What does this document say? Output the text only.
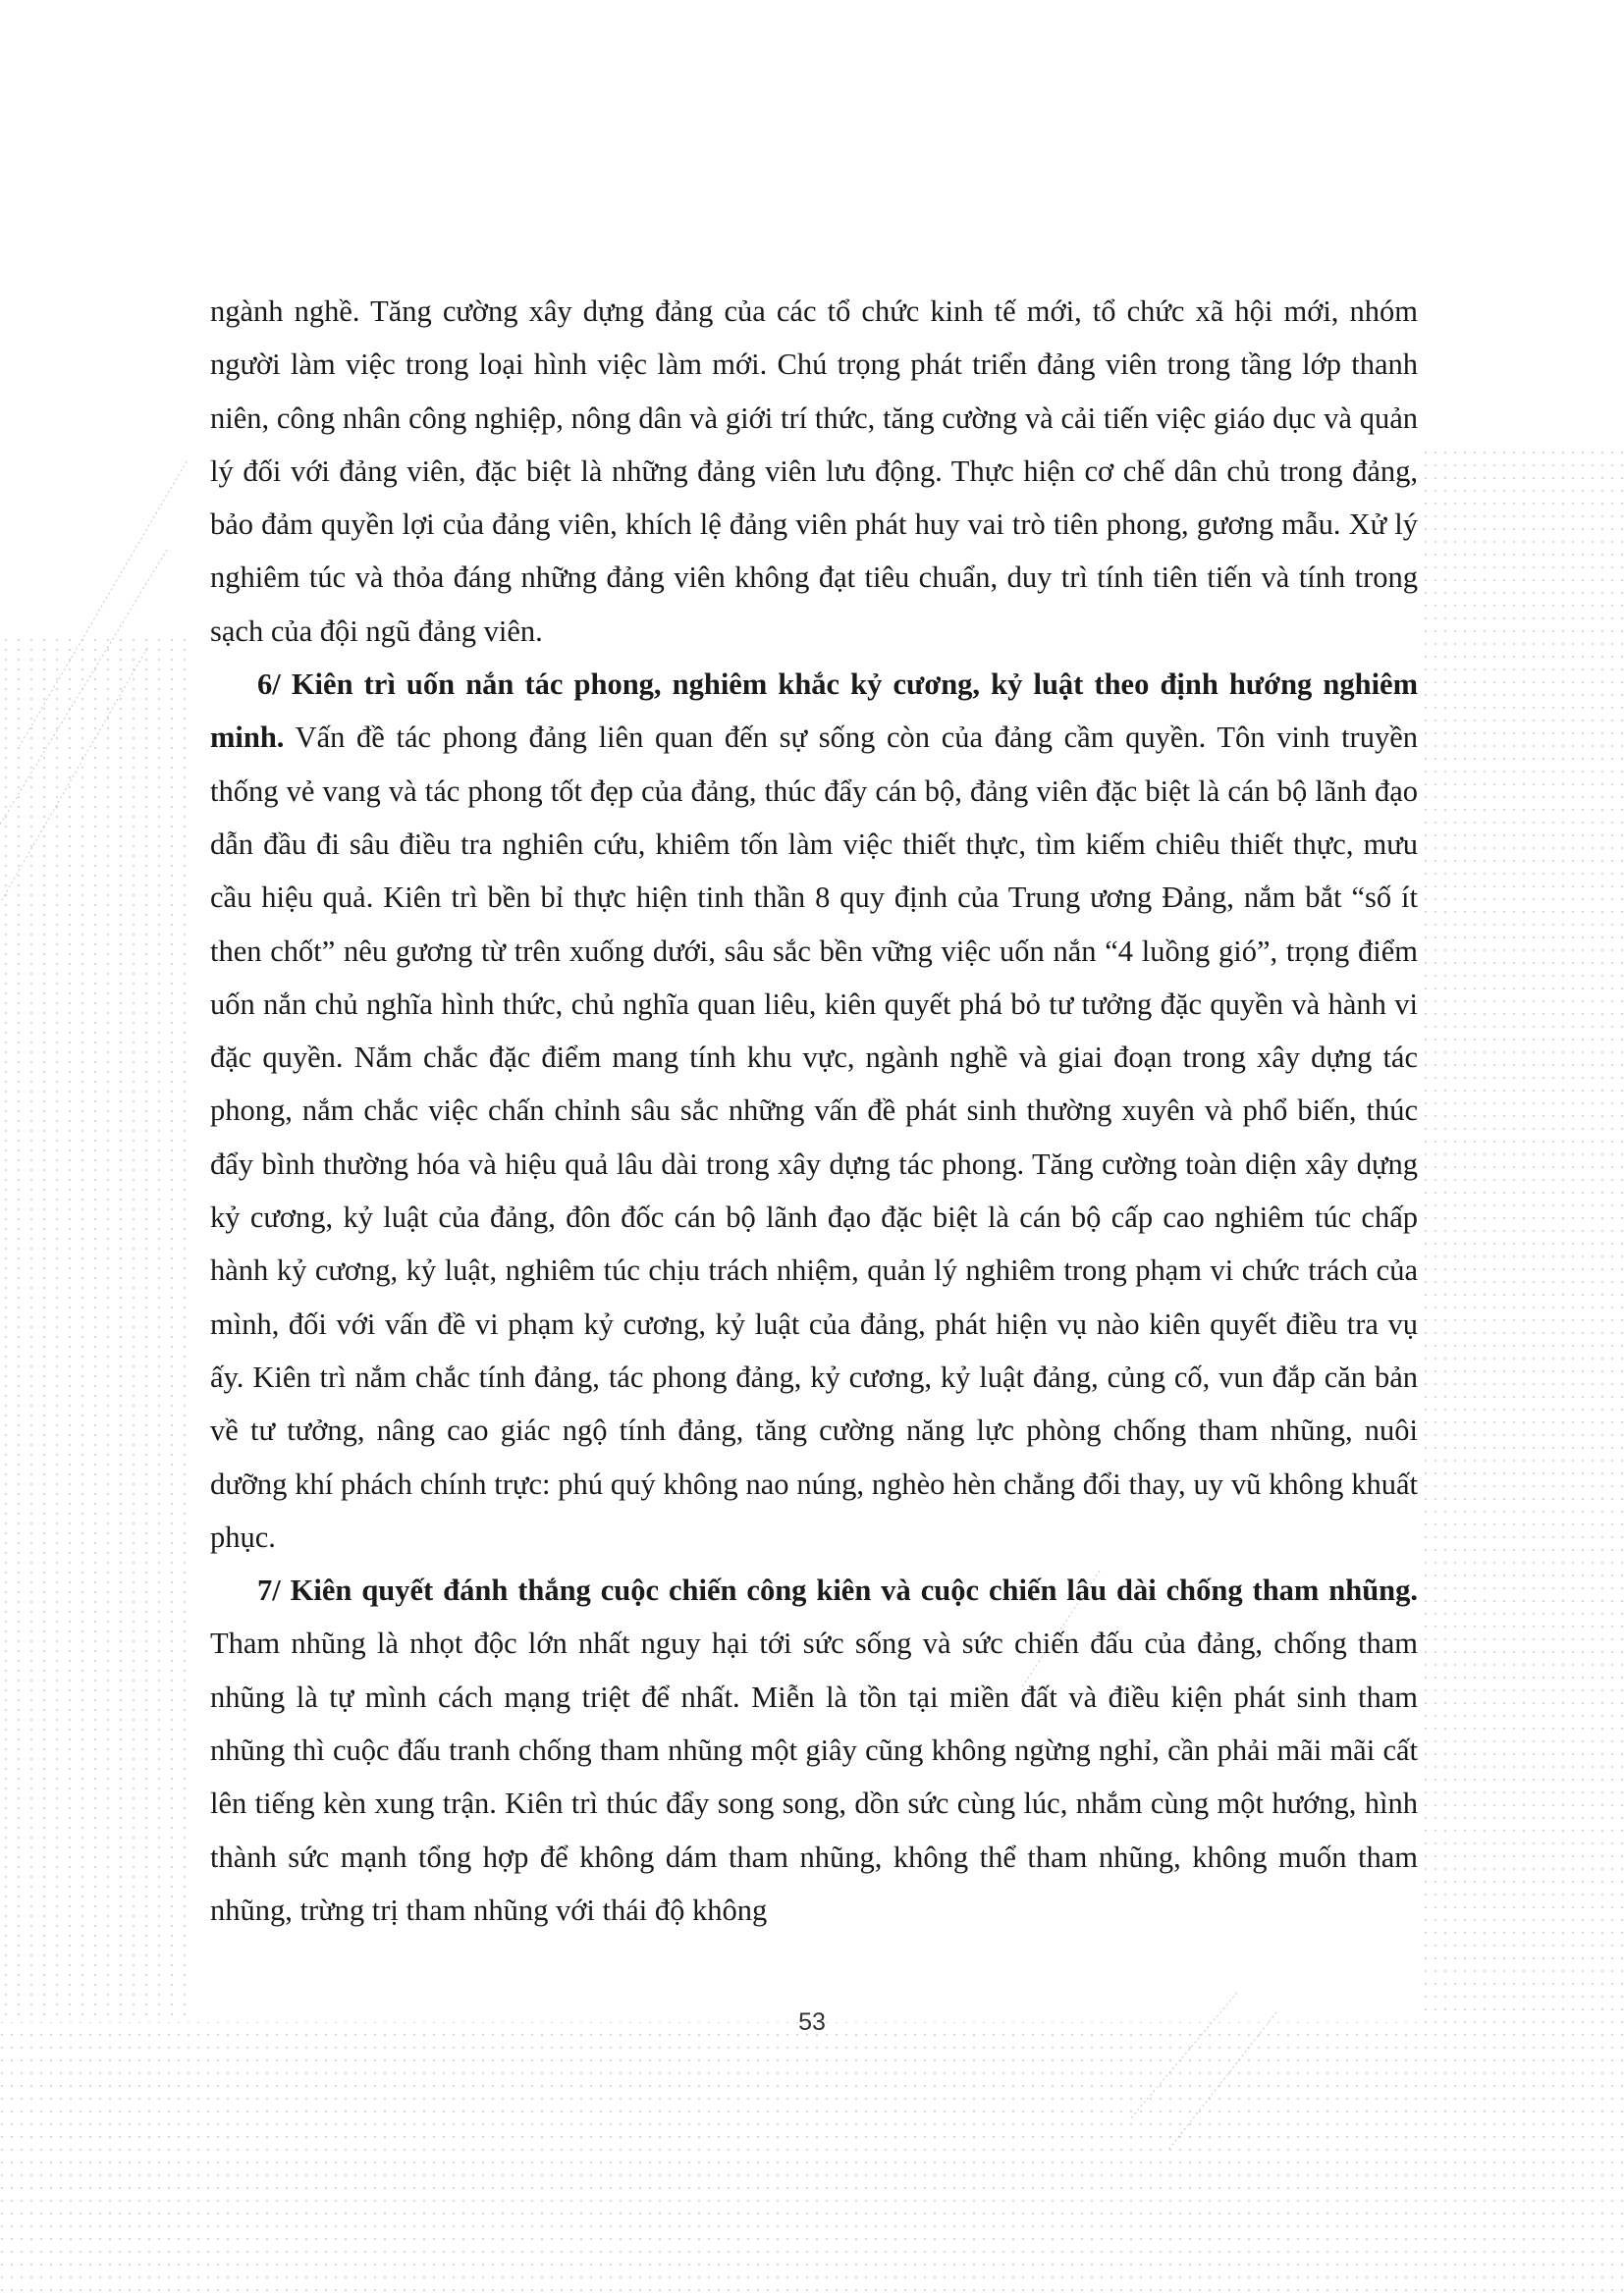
ngành nghề. Tăng cường xây dựng đảng của các tổ chức kinh tế mới, tổ chức xã hội mới, nhóm người làm việc trong loại hình việc làm mới. Chú trọng phát triển đảng viên trong tầng lớp thanh niên, công nhân công nghiệp, nông dân và giới trí thức, tăng cường và cải tiến việc giáo dục và quản lý đối với đảng viên, đặc biệt là những đảng viên lưu động. Thực hiện cơ chế dân chủ trong đảng, bảo đảm quyền lợi của đảng viên, khích lệ đảng viên phát huy vai trò tiên phong, gương mẫu. Xử lý nghiêm túc và thỏa đáng những đảng viên không đạt tiêu chuẩn, duy trì tính tiên tiến và tính trong sạch của đội ngũ đảng viên.

6/ Kiên trì uốn nắn tác phong, nghiêm khắc kỷ cương, kỷ luật theo định hướng nghiêm minh. Vấn đề tác phong đảng liên quan đến sự sống còn của đảng cầm quyền. Tôn vinh truyền thống vẻ vang và tác phong tốt đẹp của đảng, thúc đẩy cán bộ, đảng viên đặc biệt là cán bộ lãnh đạo dẫn đầu đi sâu điều tra nghiên cứu, khiêm tốn làm việc thiết thực, tìm kiếm chiêu thiết thực, mưu cầu hiệu quả. Kiên trì bền bỉ thực hiện tinh thần 8 quy định của Trung ương Đảng, nắm bắt “số ít then chốt” nêu gương từ trên xuống dưới, sâu sắc bền vững việc uốn nắn “4 luồng gió”, trọng điểm uốn nắn chủ nghĩa hình thức, chủ nghĩa quan liêu, kiên quyết phá bỏ tư tưởng đặc quyền và hành vi đặc quyền. Nắm chắc đặc điểm mang tính khu vực, ngành nghề và giai đoạn trong xây dựng tác phong, nắm chắc việc chấn chỉnh sâu sắc những vấn đề phát sinh thường xuyên và phổ biến, thúc đẩy bình thường hóa và hiệu quả lâu dài trong xây dựng tác phong. Tăng cường toàn diện xây dựng kỷ cương, kỷ luật của đảng, đôn đốc cán bộ lãnh đạo đặc biệt là cán bộ cấp cao nghiêm túc chấp hành kỷ cương, kỷ luật, nghiêm túc chịu trách nhiệm, quản lý nghiêm trong phạm vi chức trách của mình, đối với vấn đề vi phạm kỷ cương, kỷ luật của đảng, phát hiện vụ nào kiên quyết điều tra vụ ấy. Kiên trì nắm chắc tính đảng, tác phong đảng, kỷ cương, kỷ luật đảng, củng cố, vun đắp căn bản về tư tưởng, nâng cao giác ngộ tính đảng, tăng cường năng lực phòng chống tham nhũng, nuôi dưỡng khí phách chính trực: phú quý không nao núng, nghèo hèn chẳng đổi thay, uy vũ không khuất phục.

7/ Kiên quyết đánh thắng cuộc chiến công kiên và cuộc chiến lâu dài chống tham nhũng. Tham nhũng là nhọt độc lớn nhất nguy hại tới sức sống và sức chiến đấu của đảng, chống tham nhũng là tự mình cách mạng triệt để nhất. Miễn là tồn tại miền đất và điều kiện phát sinh tham nhũng thì cuộc đấu tranh chống tham nhũng một giây cũng không ngừng nghỉ, cần phải mãi mãi cất lên tiếng kèn xung trận. Kiên trì thúc đẩy song song, dồn sức cùng lúc, nhắm cùng một hướng, hình thành sức mạnh tổng hợp để không dám tham nhũng, không thể tham nhũng, không muốn tham nhũng, trừng trị tham nhũng với thái độ không

53
